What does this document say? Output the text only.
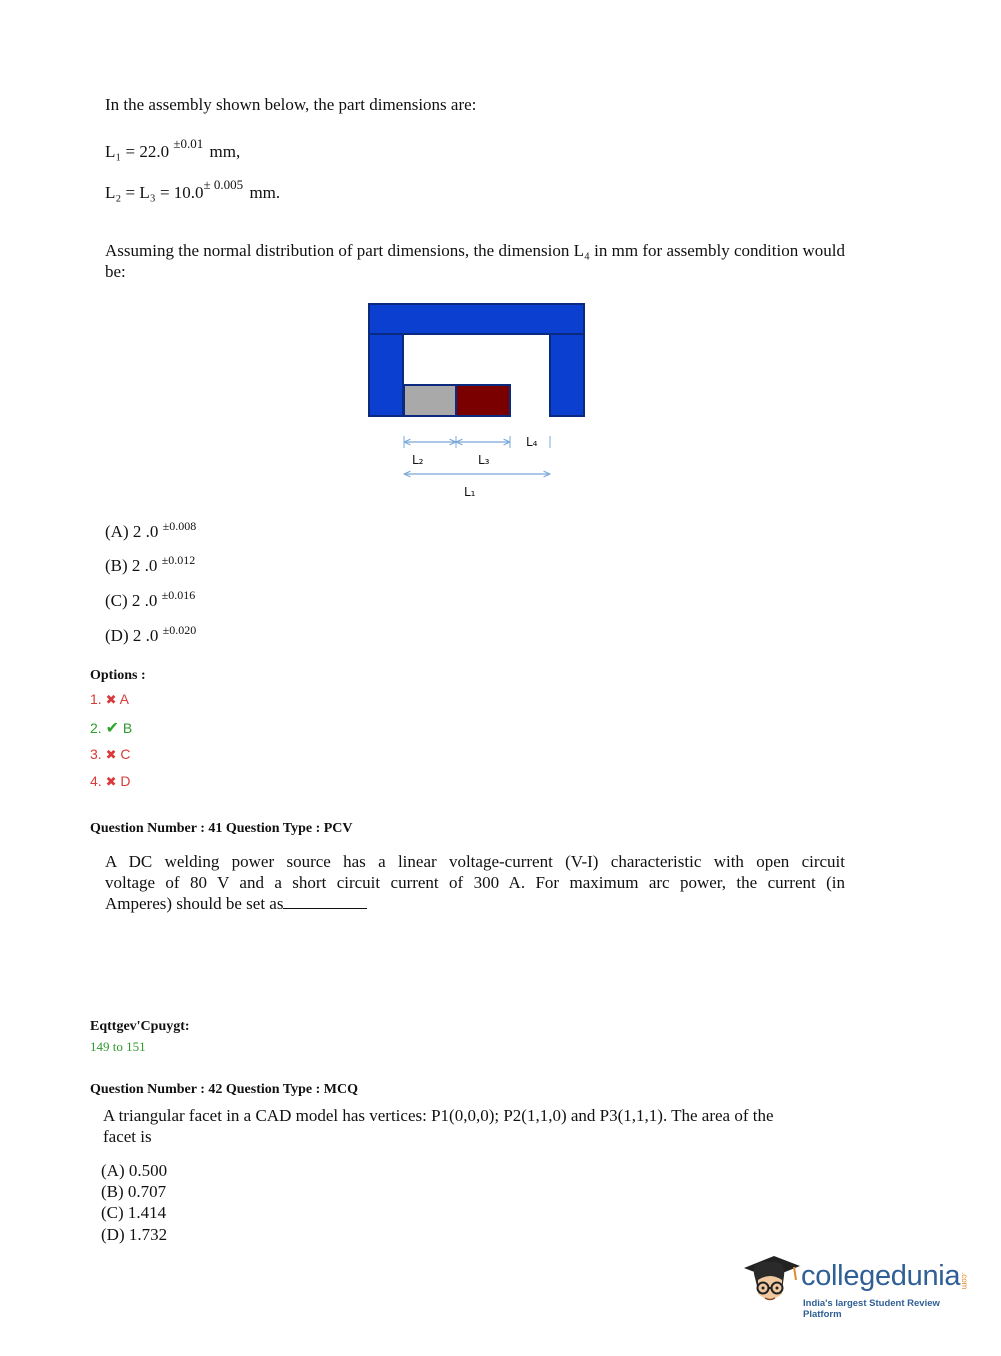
In the assembly shown below, the part dimensions are:
L₁ = 22.0 $^{\pm 0.01}$ mm,
$L_2 = L_3 = 10.0^{\pm 0.005}$ mm.
Assuming the normal distribution of part dimensions, the dimension L₄ in mm for assembly condition would be:
L₄
L₂	L₃
L₁
(A) 2 .0 $^{\pm 0.008}$
(B) 2 .0 $^{\pm 0.012}$
(C) 2 .0 $^{\pm 0.016}$
(D) 2 .0 $^{\pm 0.020}$
Options :
1. ✖ A
2. ✔ B
3. ✖ C
4. ✖ D
Question Number : 41 Question Type : PCV
A DC welding power source has a linear voltage-current (V-I) characteristic with open circuit
voltage of 80 V and a short circuit current of 300 A. For maximum arc power, the current (in
Amperes) should be set as
Eqttgev'Cpuygt:
149 to 151
Question Number : 42 Question Type : MCQ
A triangular facet in a CAD model has vertices: P1(0,0,0); P2(1,1,0) and P3(1,1,1). The area of the
facet is
(A) 0.500
(B) 0.707
(C) 1.414
(D) 1.732
collegedunia .com
India's largest Student Review Platform
